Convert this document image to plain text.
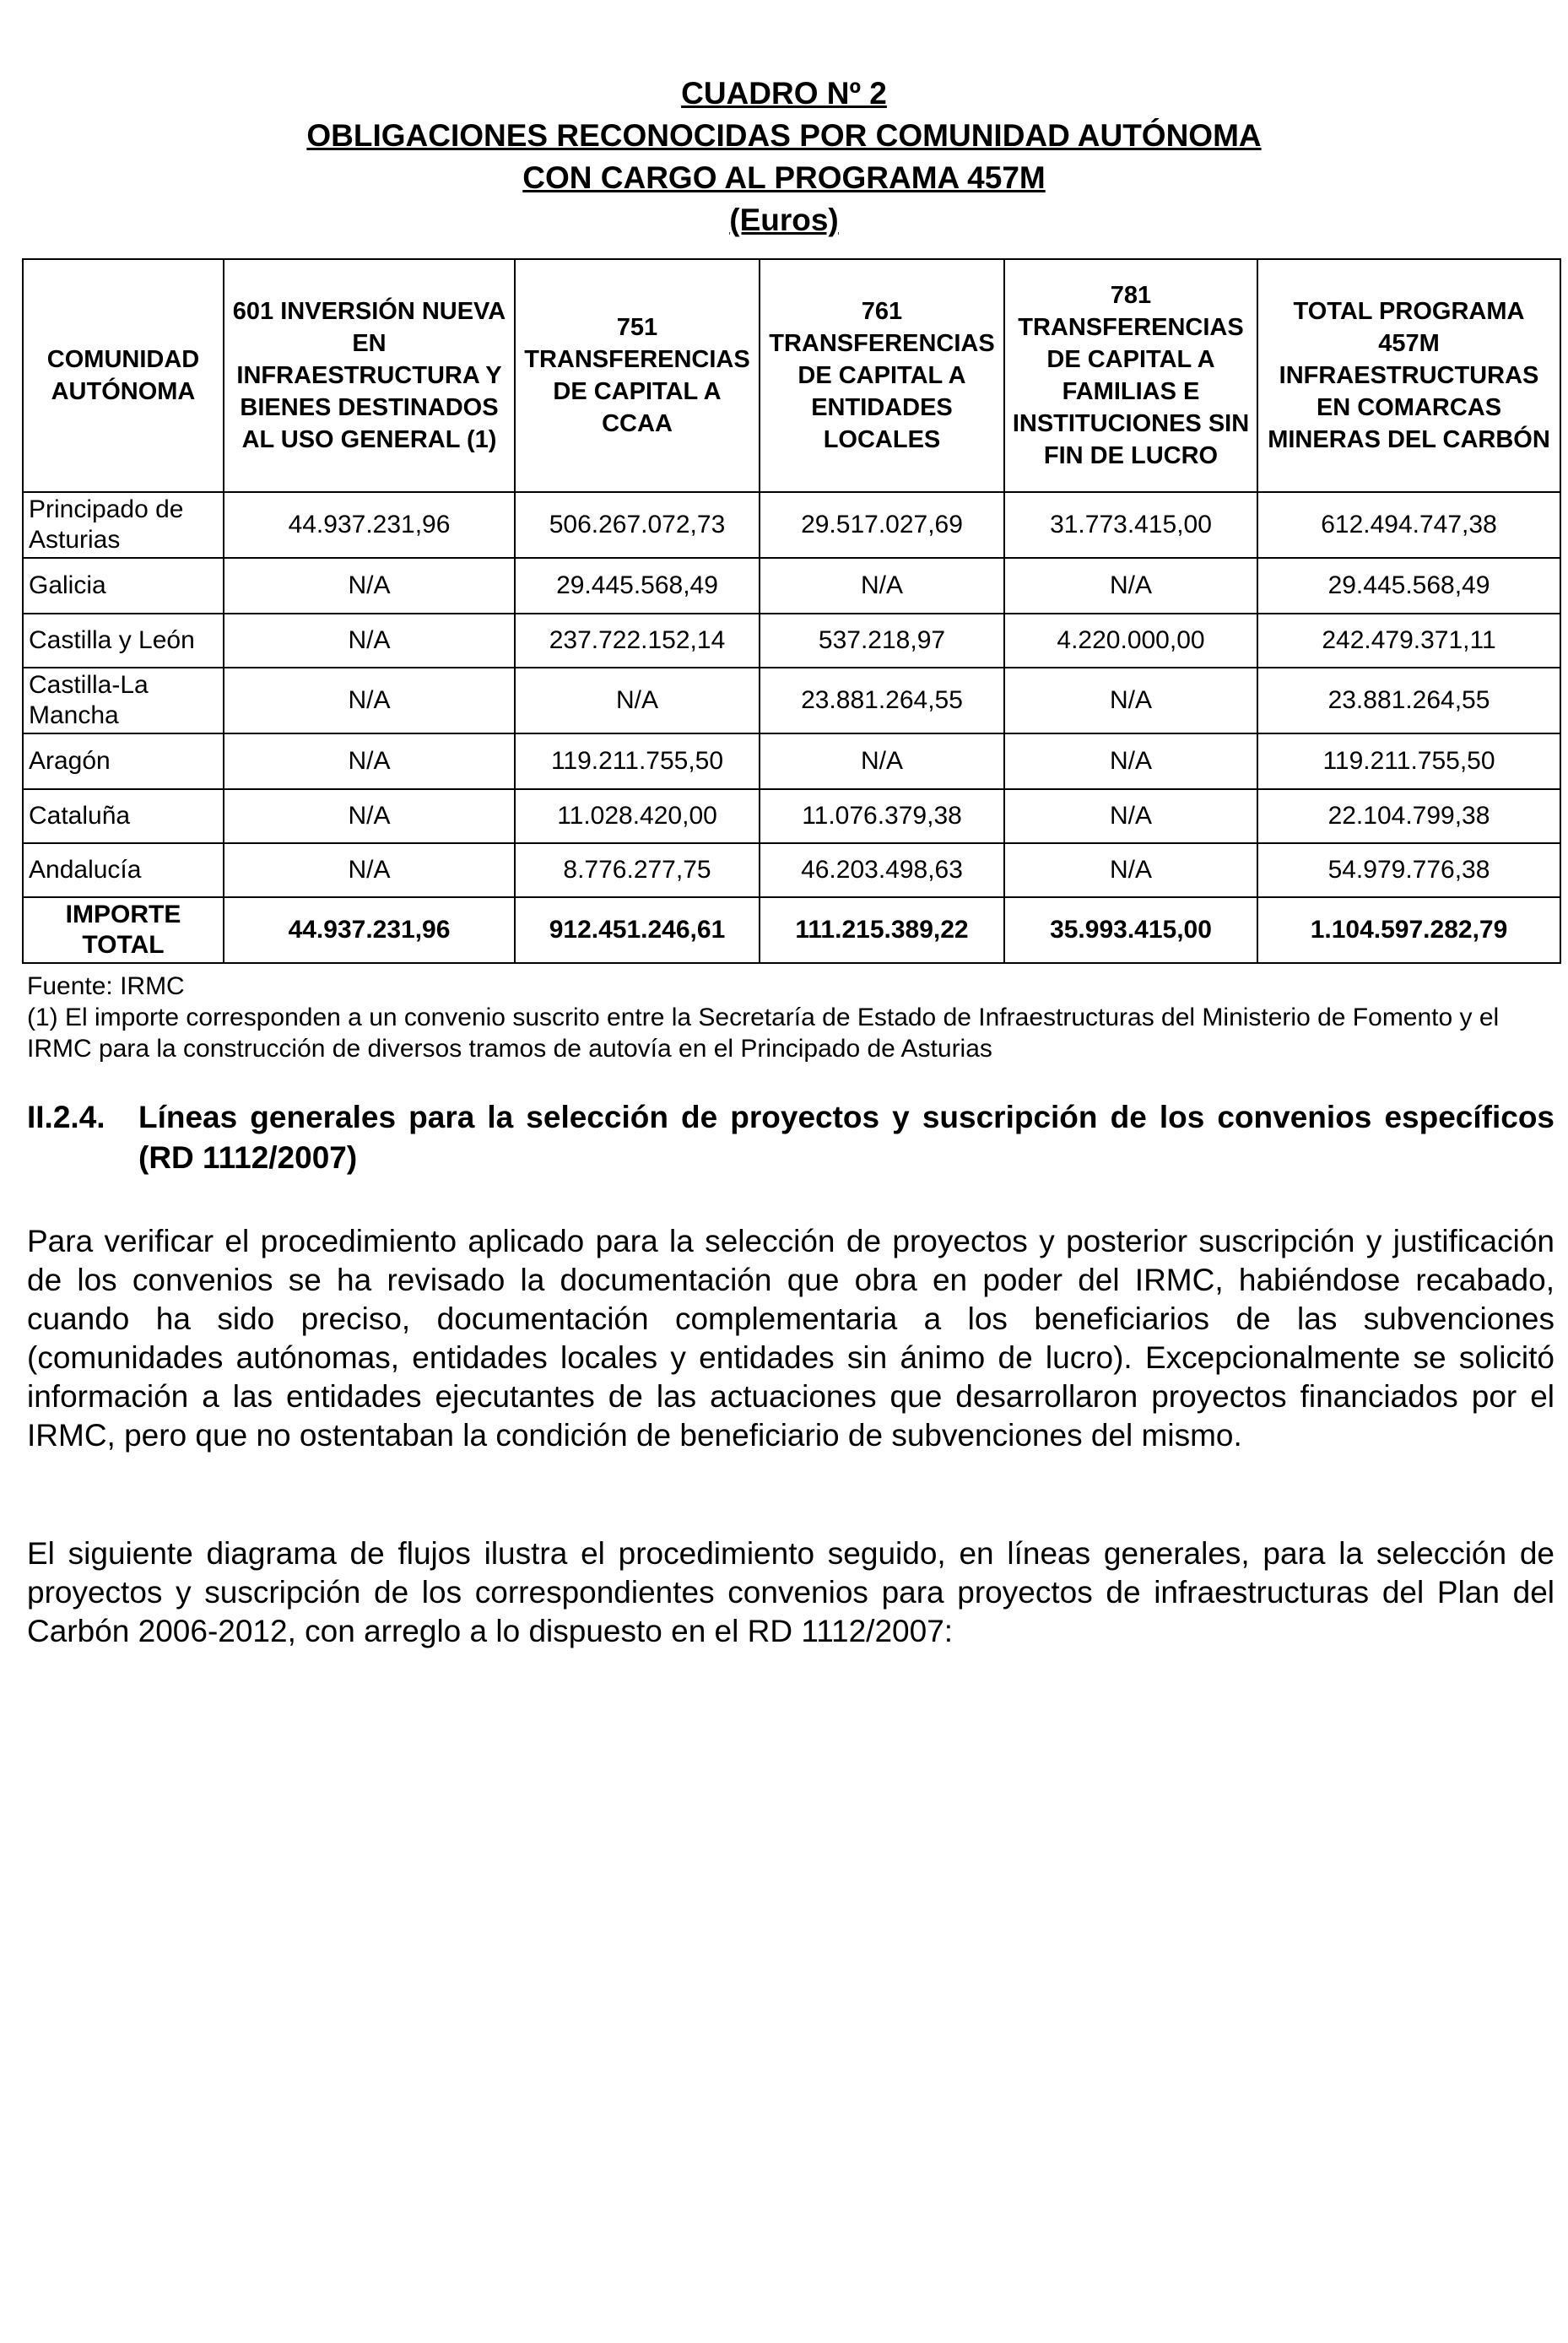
CUADRO Nº 2
OBLIGACIONES RECONOCIDAS POR COMUNIDAD AUTÓNOMA
CON CARGO AL PROGRAMA 457M
(Euros)
COMUNIDAD AUTÓNOMA	601 INVERSIÓN NUEVA EN INFRAESTRUCTURA Y BIENES DESTINADOS AL USO GENERAL (1)	751 TRANSFERENCIAS DE CAPITAL A CCAA	761 TRANSFERENCIAS DE CAPITAL A ENTIDADES LOCALES	781 TRANSFERENCIAS DE CAPITAL A FAMILIAS E INSTITUCIONES SIN FIN DE LUCRO	TOTAL PROGRAMA 457M INFRAESTRUCTURAS EN COMARCAS MINERAS DEL CARBÓN
Principado de Asturias	44.937.231,96	506.267.072,73	29.517.027,69	31.773.415,00	612.494.747,38
Galicia	N/A	29.445.568,49	N/A	N/A	29.445.568,49
Castilla y León	N/A	237.722.152,14	537.218,97	4.220.000,00	242.479.371,11
Castilla-La Mancha	N/A	N/A	23.881.264,55	N/A	23.881.264,55
Aragón	N/A	119.211.755,50	N/A	N/A	119.211.755,50
Cataluña	N/A	11.028.420,00	11.076.379,38	N/A	22.104.799,38
Andalucía	N/A	8.776.277,75	46.203.498,63	N/A	54.979.776,38
IMPORTE TOTAL	44.937.231,96	912.451.246,61	111.215.389,22	35.993.415,00	1.104.597.282,79
Fuente: IRMC
(1) El importe corresponden a un convenio suscrito entre la Secretaría de Estado de Infraestructuras del Ministerio de Fomento y el IRMC para la construcción de diversos tramos de autovía en el Principado de Asturias
II.2.4. Líneas generales para la selección de proyectos y suscripción de los convenios específicos (RD 1112/2007)
Para verificar el procedimiento aplicado para la selección de proyectos y posterior suscripción y justificación de los convenios se ha revisado la documentación que obra en poder del IRMC, habiéndose recabado, cuando ha sido preciso, documentación complementaria a los beneficiarios de las subvenciones (comunidades autónomas, entidades locales y entidades sin ánimo de lucro). Excepcionalmente se solicitó información a las entidades ejecutantes de las actuaciones que desarrollaron proyectos financiados por el IRMC, pero que no ostentaban la condición de beneficiario de subvenciones del mismo.
El siguiente diagrama de flujos ilustra el procedimiento seguido, en líneas generales, para la selección de proyectos y suscripción de los correspondientes convenios para proyectos de infraestructuras del Plan del Carbón 2006-2012, con arreglo a lo dispuesto en el RD 1112/2007:
